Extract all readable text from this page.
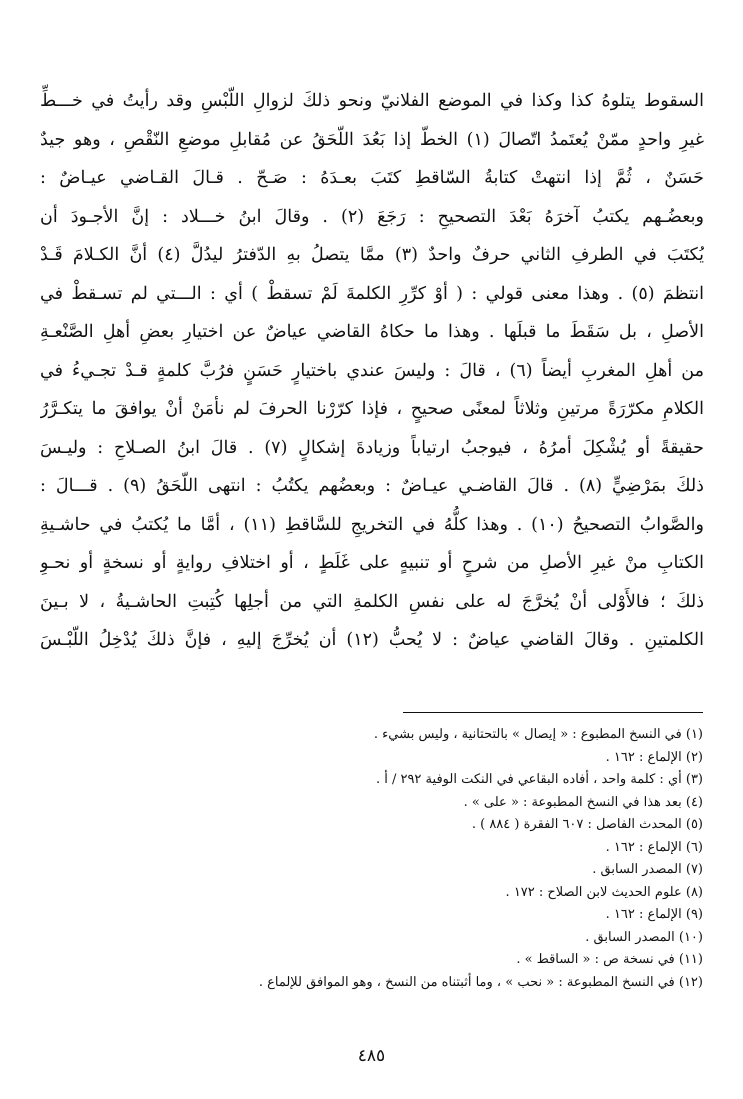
السقوط يتلوهُ كذا وكذا في الموضع الفلانيّ ونحو ذلكَ لزوالِ اللّبْسِ وقد رأيتُ في خـــطِّ
غيرِ واحدٍ ممّنْ يُعتَمدُ اتّصالَ (١) الخطّ إذا بَعُدَ اللّحَقُ عن مُقابلِ موضعِ النّقْصِ ، وهو جيدٌ
حَسَنٌ ، ثُمَّ إذا انتهتْ كتابةُ السّاقطِ كتَبَ بعـدَهُ : صَـحّ . قـالَ القـاضي عيـاضٌ :
وبعضُـهم يكتبُ آخرَهُ بَعْدَ التصحيحِ : رَجَعَ (٢) . وقالَ ابنُ خـــلاد : إنَّ الأجـودَ أن
يُكتَبَ في الطرفِ الثاني حرفٌ واحدٌ (٣) ممَّا يتصلُ بهِ الدّفترُ ليدُلَّ (٤) أنَّ الكـلامَ قَـدْ
انتظمَ (٥) . وهذا معنى قولي : ( أوْ كرِّرِ الكلمةَ لَمْ تسقطْ ) أي : الـــتي لم تسـقطْ في
الأصلِ ، بل سَقَطَ ما قبلَها . وهذا ما حكاهُ القاضي عياضٌ عن اختيارِ بعضِ أهلِ الصَّنْعـةِ
من أهلِ المغربِ أيضاً (٦) ، قالَ : وليسَ عندي باختيارٍ حَسَنٍ فرُبَّ كلمةٍ قـدْ تجـيءُ في
الكلامِ مكرّرَةً مرتينِ وثلاثاً لمعنًى صحيحٍ ، فإذا كرّرْنا الحرفَ لم نأمَنْ أنْ يوافقَ ما يتكـرَّرُ
حقيقةً أو يُشْكِلَ أمرُهُ ، فيوجبُ ارتياباً وزيادةَ إشكالٍ (٧) . قالَ ابنُ الصـلاحِ : وليـسَ
ذلكَ بمَرْضِيٍّ (٨) . قالَ القاضـي عيـاضٌ : وبعضُهم يكتُبُ : انتهى اللّحَقُ (٩) . قـــالَ :
والصَّوابُ التصحيحُ (١٠) . وهذا كلُّهُ في التخريجِ للسَّاقطِ (١١) ، أمَّا ما يُكتبُ في حاشـيةِ
الكتابِ منْ غيرِ الأصلِ من شرحٍ أو تنبيهٍ على غَلَطٍ ، أو اختلافِ روايةٍ أو نسخةٍ أو نحـوِ
ذلكَ ؛ فالأَوْلى أنْ يُخرَّجَ له على نفسِ الكلمةِ التي من أجلِها كُتِبتِ الحاشـيةُ ، لا بـينَ
الكلمتينِ . وقالَ القاضي عياضٌ : لا يُحبُّ (١٢) أن يُخرِّجَ إليهِ ، فإنَّ ذلكَ يُدْخِلُ اللّبْـسَ
(١) في النسخ المطبوع : « إيصال » بالتحتانية ، وليس بشيء .
(٢) الإلماع : ١٦٢ .
(٣) أي : كلمة واحد ، أفاده البقاعي في النكت الوفية ٢٩٢ / أ .
(٤) بعد هذا في النسخ المطبوعة : « على » .
(٥) المحدث الفاصل : ٦٠٧ الفقرة ( ٨٨٤ ) .
(٦) الإلماع : ١٦٢ .
(٧) المصدر السابق .
(٨) علوم الحديث لابن الصلاح : ١٧٢ .
(٩) الإلماع : ١٦٢ .
(١٠) المصدر السابق .
(١١) في نسخة ص : « الساقط » .
(١٢) في النسخ المطبوعة : « نحب » ، وما أثبتناه من النسخ ، وهو الموافق للإلماع .
٤٨٥
